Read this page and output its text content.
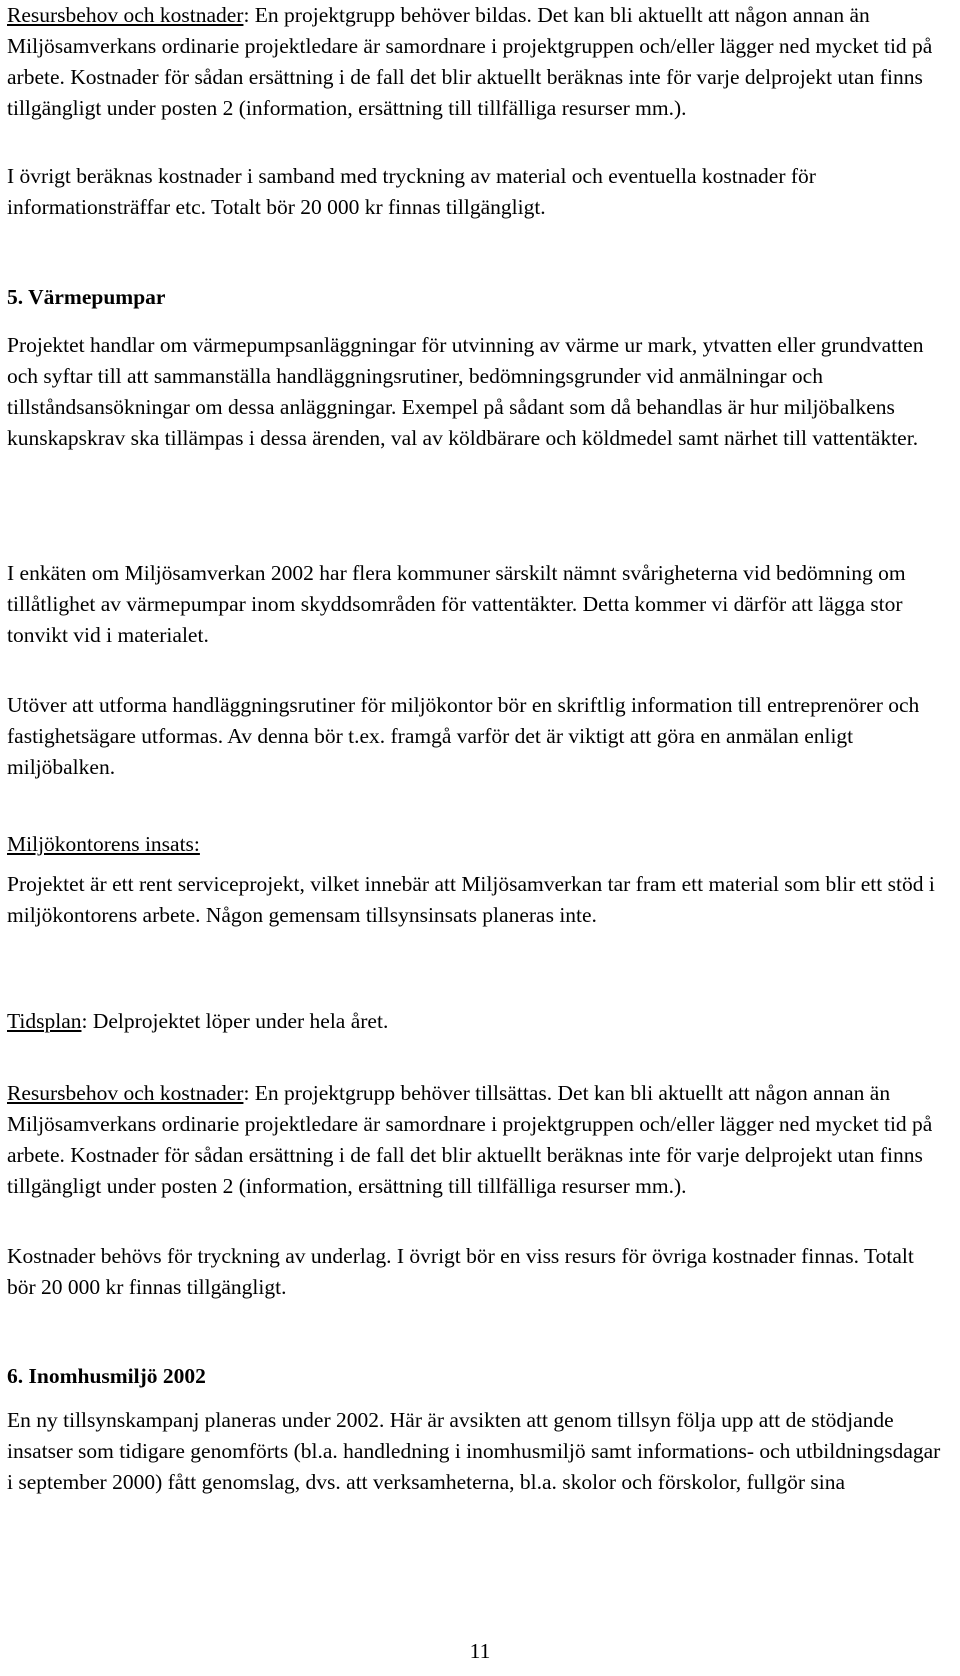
Resursbehov och kostnader: En projektgrupp behöver bildas. Det kan bli aktuellt att någon annan än Miljösamverkans ordinarie projektledare är samordnare i projektgruppen och/eller lägger ned mycket tid på arbete. Kostnader för sådan ersättning i de fall det blir aktuellt beräknas inte för varje delprojekt utan finns tillgängligt under posten 2 (information, ersättning till tillfälliga resurser mm.).

I övrigt beräknas kostnader i samband med tryckning av material och eventuella kostnader för informationsträffar etc. Totalt bör 20 000 kr finnas tillgängligt.

5. Värmepumpar

Projektet handlar om värmepumpsanläggningar för utvinning av värme ur mark, ytvatten eller grundvatten och syftar till att sammanställa handläggningsrutiner, bedömningsgrunder vid anmälningar och tillståndsansökningar om dessa anläggningar. Exempel på sådant som då behandlas är hur miljöbalkens kunskapskrav ska tillämpas i dessa ärenden, val av köldbärare och köldmedel samt närhet till vattentäkter.

I enkäten om Miljösamverkan 2002 har flera kommuner särskilt nämnt svårigheterna vid bedömning om tillåtlighet av värmepumpar inom skyddsområden för vattentäkter. Detta kommer vi därför att lägga stor tonvikt vid i materialet.

Utöver att utforma handläggningsrutiner för miljökontor bör en skriftlig information till entreprenörer och fastighetsägare utformas. Av denna bör t.ex. framgå varför det är viktigt att göra en anmälan enligt miljöbalken.

Miljökontorens insats:

Projektet är ett rent serviceprojekt, vilket innebär att Miljösamverkan tar fram ett material som blir ett stöd i miljökontorens arbete. Någon gemensam tillsynsinsats planeras inte.

Tidsplan: Delprojektet löper under hela året.

Resursbehov och kostnader: En projektgrupp behöver tillsättas. Det kan bli aktuellt att någon annan än Miljösamverkans ordinarie projektledare är samordnare i projektgruppen och/eller lägger ned mycket tid på arbete. Kostnader för sådan ersättning i de fall det blir aktuellt beräknas inte för varje delprojekt utan finns tillgängligt under posten 2 (information, ersättning till tillfälliga resurser mm.).

Kostnader behövs för tryckning av underlag. I övrigt bör en viss resurs för övriga kostnader finnas. Totalt bör 20 000 kr finnas tillgängligt.

6. Inomhusmiljö 2002

En ny tillsynskampanj planeras under 2002. Här är avsikten att genom tillsyn följa upp att de stödjande insatser som tidigare genomförts (bl.a. handledning i inomhusmiljö samt informations- och utbildningsdagar i september 2000) fått genomslag, dvs. att verksamheterna, bl.a. skolor och förskolor, fullgör sina

11
